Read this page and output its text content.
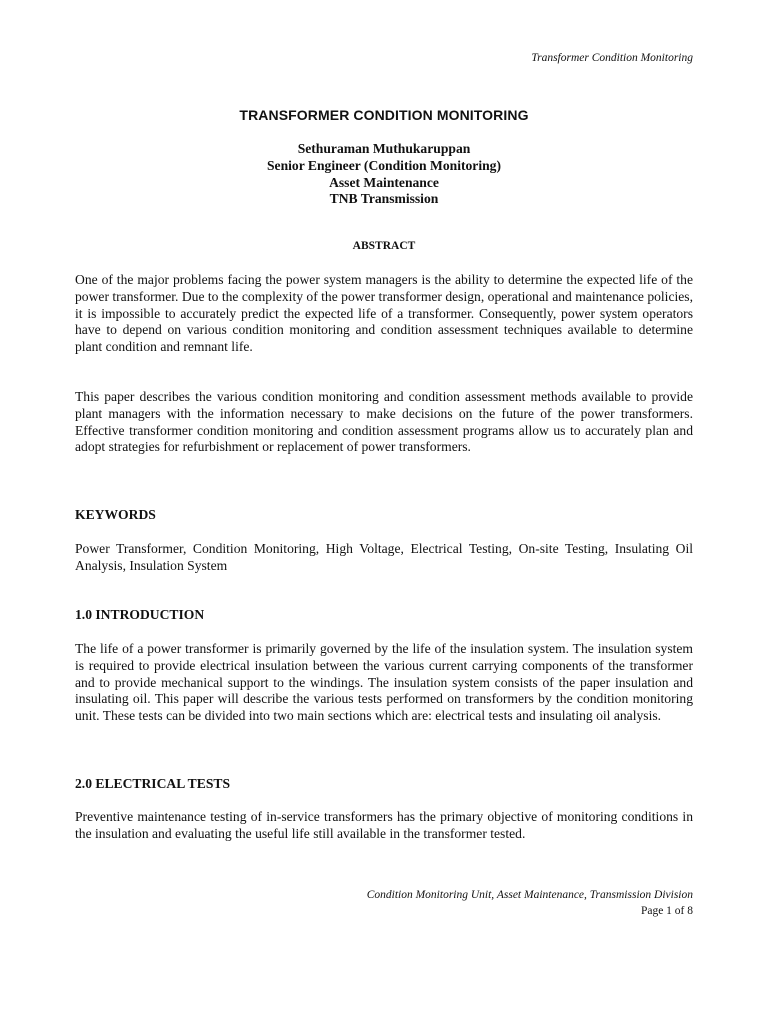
Transformer Condition Monitoring
TRANSFORMER CONDITION MONITORING
Sethuraman Muthukaruppan
Senior Engineer (Condition Monitoring)
Asset Maintenance
TNB Transmission
ABSTRACT

One of the major problems facing the power system managers is the ability to determine the expected life of the power transformer. Due to the complexity of the power transformer design, operational and maintenance policies, it is impossible to accurately predict the expected life of a transformer. Consequently, power system operators have to depend on various condition monitoring and condition assessment techniques available to determine plant condition and remnant life.

This paper describes the various condition monitoring and condition assessment methods available to provide plant managers with the information necessary to make decisions on the future of the power transformers. Effective transformer condition monitoring and condition assessment programs allow us to accurately plan and adopt strategies for refurbishment or replacement of power transformers.

KEYWORDS

Power Transformer, Condition Monitoring, High Voltage, Electrical Testing, On-site Testing, Insulating Oil Analysis, Insulation System

1.0 INTRODUCTION

The life of a power transformer is primarily governed by the life of the insulation system. The insulation system is required to provide electrical insulation between the various current carrying components of the transformer and to provide mechanical support to the windings. The insulation system consists of the paper insulation and insulating oil. This paper will describe the various tests performed on transformers by the condition monitoring unit. These tests can be divided into two main sections which are: electrical tests and insulating oil analysis.

2.0 ELECTRICAL TESTS

Preventive maintenance testing of in-service transformers has the primary objective of monitoring conditions in the insulation and evaluating the useful life still available in the transformer tested.

Condition Monitoring Unit, Asset Maintenance, Transmission Division
Page 1 of 8
